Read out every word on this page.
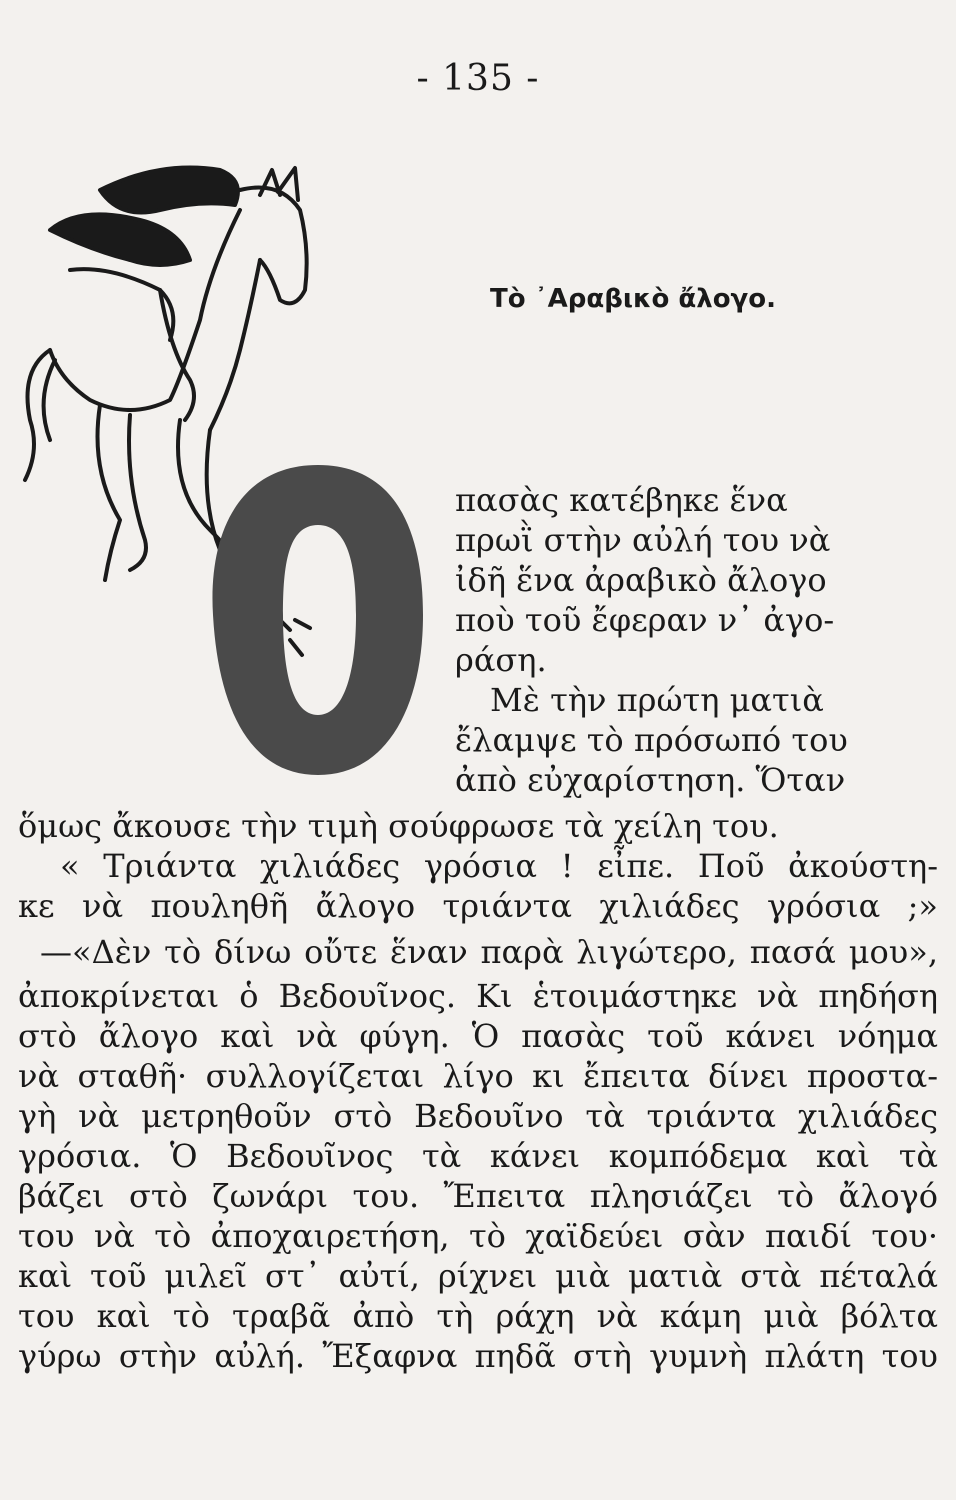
- 135 -
Τὸ ᾿Αραβικὸ ἄλογο.
Ο
πασὰς κατέβηκε ἕνα
πρωῒ στὴν αὐλή του νὰ
ἰδῆ ἕνα ἀραβικὸ ἄλογο
ποὺ τοῦ ἔφεραν ν᾿ ἀγο-
ράση.
Μὲ τὴν πρώτη ματιὰ
ἔλαμψε τὸ πρόσωπό του
ἀπὸ εὐχαρίστηση. Ὅταν
ὅμως ἄκουσε τὴν τιμὴ σούφρωσε τὰ χείλη του.
« Τριάντα χιλιάδες γρόσια ! εἶπε. Ποῦ ἀκούστη-
κε νὰ πουληθῆ ἄλογο τριάντα χιλιάδες γρόσια ;»
—«Δὲν τὸ δίνω οὔτε ἕναν παρὰ λιγώτερο, πασά μου»,
ἀποκρίνεται ὁ Βεδουῖνος. Κι ἑτοιμάστηκε νὰ πηδήση
στὸ ἄλογο καὶ νὰ φύγη. Ὁ πασὰς τοῦ κάνει νόημα
νὰ σταθῆ· συλλογίζεται λίγο κι ἔπειτα δίνει προστα-
γὴ νὰ μετρηθοῦν στὸ Βεδουῖνο τὰ τριάντα χιλιάδες
γρόσια. Ὁ Βεδουῖνος τὰ κάνει κομπόδεμα καὶ τὰ
βάζει στὸ ζωνάρι του. Ἔπειτα πλησιάζει τὸ ἄλογό
του νὰ τὸ ἀποχαιρετήση, τὸ χαϊδεύει σὰν παιδί του·
καὶ τοῦ μιλεῖ στ᾿ αὐτί, ρίχνει μιὰ ματιὰ στὰ πέταλά
του καὶ τὸ τραβᾶ ἀπὸ τὴ ράχη νὰ κάμη μιὰ βόλτα
γύρω στὴν αὐλή. Ἔξαφνα πηδᾶ στὴ γυμνὴ πλάτη του
